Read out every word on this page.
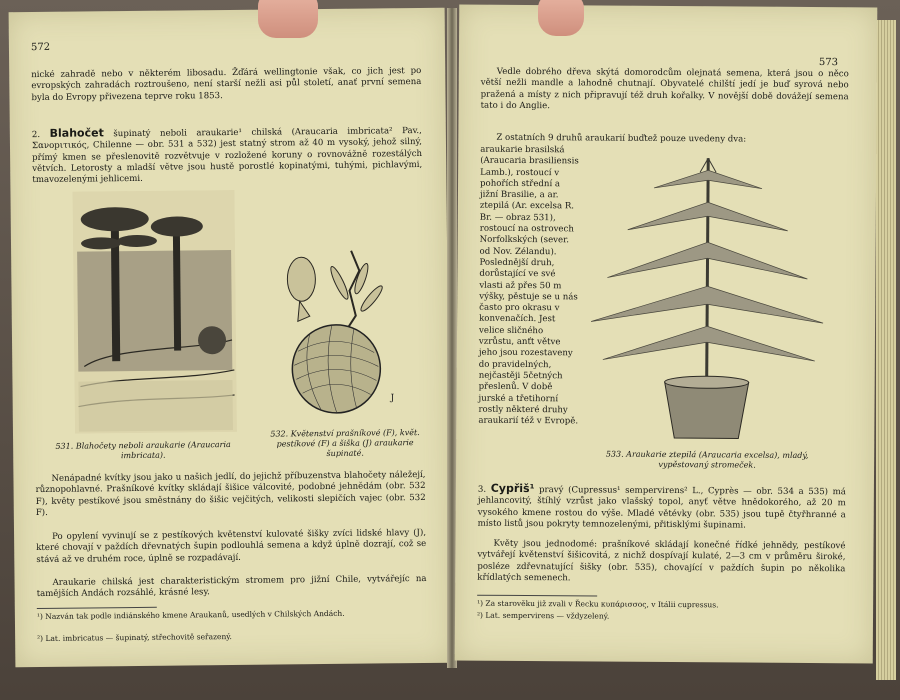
572

nické zahradě nebo v některém libosadu. Žďárá wellingtonie však, co jich jest po evropských zahradách roztroušeno, není starší nežli asi půl století, anať první semena byla do Evropy přivezena teprve roku 1853.

2. Blahočet šupinatý neboli araukarie¹ chilská (Araucaria imbricata² Pav., Σανοpιτικός, Chilenne — obr. 531 a 532) jest statný strom až 40 m vysoký, jehož silný, přímý kmen se přeslenovitě rozvětvuje v rozložené koruny o rovnovážně rozestálých větvích. Letorosty a mladší větve jsou hustě porostlé kopinatými, tuhými, pichlavými, tmavozelenými jehlicemi.

J

531. Blahočety neboli araukarie (Araucaria imbricata).

532. Květenství prašníkové (F), květ. pestíkové (F) a šiška (J) araukarie šupinaté.

Nenápadné kvítky jsou jako u našich jedlí, do jejichž příbuzenstva blahočety náležejí, různopohlavné. Prašníkové kvítky skládají šišice válcovité, podobné jehnědám (obr. 532 F), květy pestíkové jsou směstnány do šišic vejčitých, velikosti slepičích vajec (obr. 532 F).

Po opylení vyvinují se z pestíkových květenství kulovaté šišky zvíci lidské hlavy (J), které chovají v paždích dřevnatých šupin podlouhlá semena a když úplně dozrají, což se stává až ve druhém roce, úplně se rozpadávají.

Araukarie chilská jest charakteristickým stromem pro jižní Chile, vytvářejíc na tamějších Andách rozsáhlé, krásné lesy.

¹) Nazván tak podle indiánského kmene Araukanů, usedlých v Chilských Andách.

²) Lat. imbricatus — šupinatý, střechovitě seřazený.

573

Vedle dobrého dřeva skýtá domorodcům olejnatá semena, která jsou o něco větší nežli mandle a lahodně chutnají. Obyvatelé chilští jedí je buď syrová nebo pražená a místy z nich připravují též druh kořalky. V novější době dovážejí semena tato i do Anglie.

Z ostatních 9 druhů araukarií buďtež pouze uvedeny dva:

araukarie brasilská (Araucaria brasiliensis Lamb.), rostoucí v pohořích střední a jižní Brasilie, a ar. ztepilá (Ar. excelsa R. Br. — obraz 531), rostoucí na ostrovech Norfolkských (sever. od Nov. Zélandu). Posledněјší druh, dorůstající ve své vlasti až přes 50 m výšky, pěstuje se u nás často pro okrasu v konvenačích. Jest velice sličného vzrůstu, anťt větve jeho jsou rozestaveny do pravidelných, nejčastěji 5četných přeslenů. V době jurské a třetihorní rostly některé druhy araukarií též v Evropě.

533. Araukarie ztepilá (Araucaria excelsa), mladý, vypěstovaný stromeček.

3. Cypřiš¹ pravý (Cupressus¹ sempervirens² L., Cyprès — obr. 534 a 535) má jehlancovitý, štíhlý vzrůst jako vlašský topol, anyť větve hnědokorého, až 20 m vysokého kmene rostou do výše. Mladé větévky (obr. 535) jsou tupě čtyřhranné a místo listů jsou pokryty temnozelenými, přitisklými šupinami.

Květy jsou jednodomé: prašníkové skládají konečné řídké jehnědy, pestíkové vytvářejí květenství šišicovitá, z nichž dospívají kulaté, 2—3 cm v průměru široké, posléze zdřevnatující šišky (obr. 535), chovající v paždích šupin po několika křídlatých semenech.

¹) Za starověku již zvali v Řecku κυπάρισσος, v Itálii cupressus.

²) Lat. sempervirens — vždyzelený.
